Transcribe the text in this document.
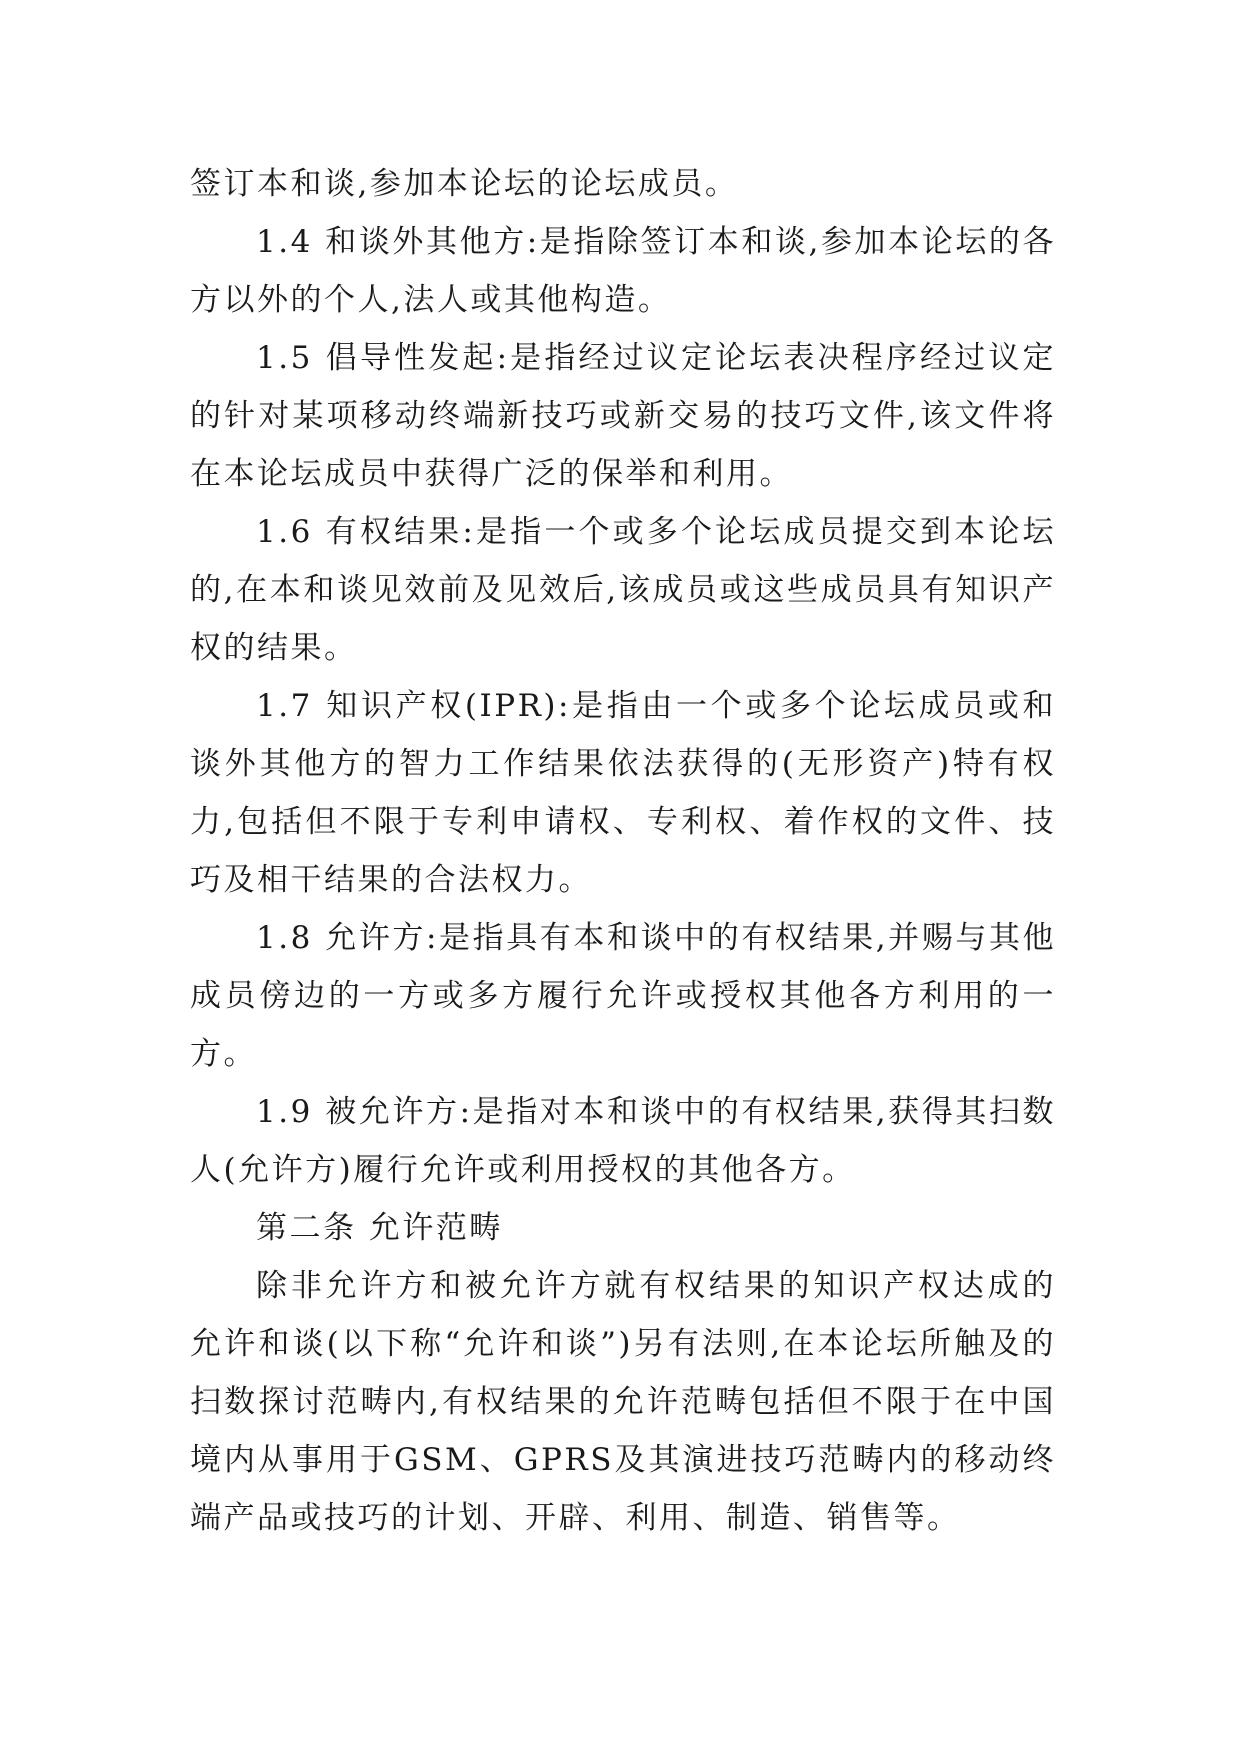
签订本和谈,参加本论坛的论坛成员。

1.4 和谈外其他方:是指除签订本和谈,参加本论坛的各方以外的个人,法人或其他构造。

1.5 倡导性发起:是指经过议定论坛表决程序经过议定的针对某项移动终端新技巧或新交易的技巧文件,该文件将在本论坛成员中获得广泛的保举和利用。

1.6 有权结果:是指一个或多个论坛成员提交到本论坛的,在本和谈见效前及见效后,该成员或这些成员具有知识产权的结果。

1.7 知识产权(IPR):是指由一个或多个论坛成员或和谈外其他方的智力工作结果依法获得的(无形资产)特有权力,包括但不限于专利申请权、专利权、着作权的文件、技巧及相干结果的合法权力。

1.8 允许方:是指具有本和谈中的有权结果,并赐与其他成员傍边的一方或多方履行允许或授权其他各方利用的一方。

1.9 被允许方:是指对本和谈中的有权结果,获得其扫数人(允许方)履行允许或利用授权的其他各方。

第二条 允许范畴

除非允许方和被允许方就有权结果的知识产权达成的允许和谈(以下称“允许和谈”)另有法则,在本论坛所触及的扫数探讨范畴内,有权结果的允许范畴包括但不限于在中国境内从事用于GSM、GPRS及其演进技巧范畴内的移动终端产品或技巧的计划、开辟、利用、制造、销售等。
